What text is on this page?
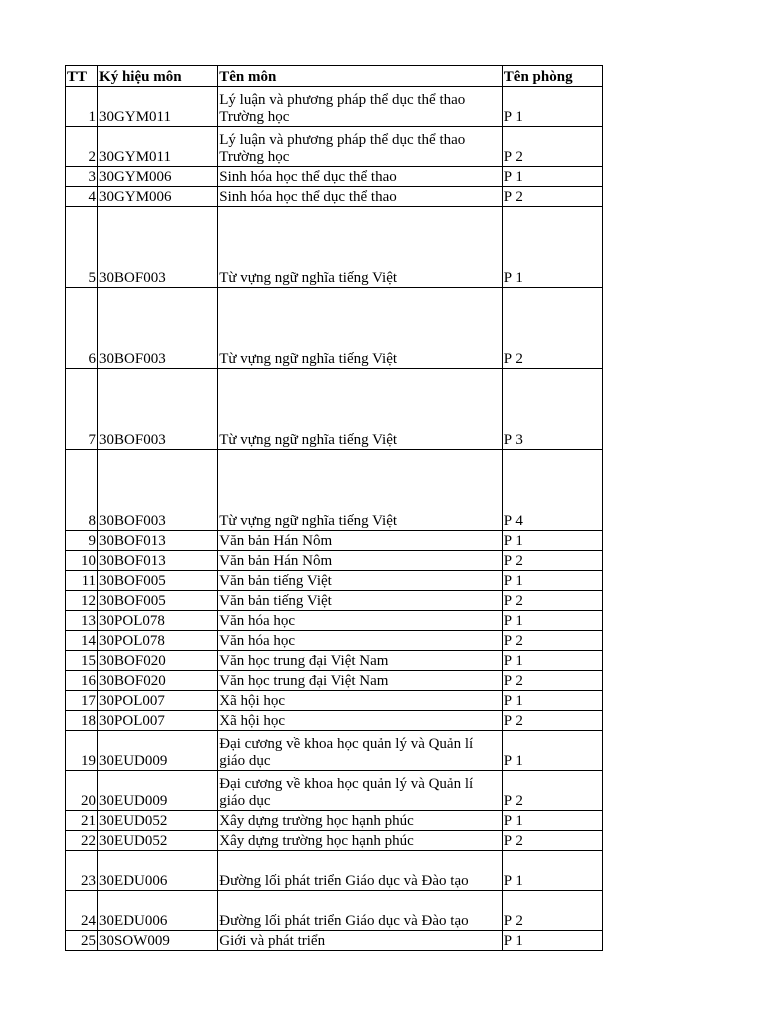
TT	Ký hiệu môn	Tên môn	Tên phòng
1	30GYM011	Lý luận và phương pháp thể dục thể thao Trường học	P 1
2	30GYM011	Lý luận và phương pháp thể dục thể thao Trường học	P 2
3	30GYM006	Sinh hóa học thể dục thể thao	P 1
4	30GYM006	Sinh hóa học thể dục thể thao	P 2
5	30BOF003	Từ vựng ngữ nghĩa tiếng Việt	P 1
6	30BOF003	Từ vựng ngữ nghĩa tiếng Việt	P 2
7	30BOF003	Từ vựng ngữ nghĩa tiếng Việt	P 3
8	30BOF003	Từ vựng ngữ nghĩa tiếng Việt	P 4
9	30BOF013	Văn bản Hán Nôm	P 1
10	30BOF013	Văn bản Hán Nôm	P 2
11	30BOF005	Văn bản tiếng Việt	P 1
12	30BOF005	Văn bản tiếng Việt	P 2
13	30POL078	Văn hóa học	P 1
14	30POL078	Văn hóa học	P 2
15	30BOF020	Văn học trung đại Việt Nam	P 1
16	30BOF020	Văn học trung đại Việt Nam	P 2
17	30POL007	Xã hội học	P 1
18	30POL007	Xã hội học	P 2
19	30EUD009	Đại cương về khoa học quản lý và Quản lí giáo dục	P 1
20	30EUD009	Đại cương về khoa học quản lý và Quản lí giáo dục	P 2
21	30EUD052	Xây dựng trường học hạnh phúc	P 1
22	30EUD052	Xây dựng trường học hạnh phúc	P 2
23	30EDU006	Đường lối phát triển Giáo dục và Đào tạo	P 1
24	30EDU006	Đường lối phát triển Giáo dục và Đào tạo	P 2
25	30SOW009	Giới và phát triển	P 1
